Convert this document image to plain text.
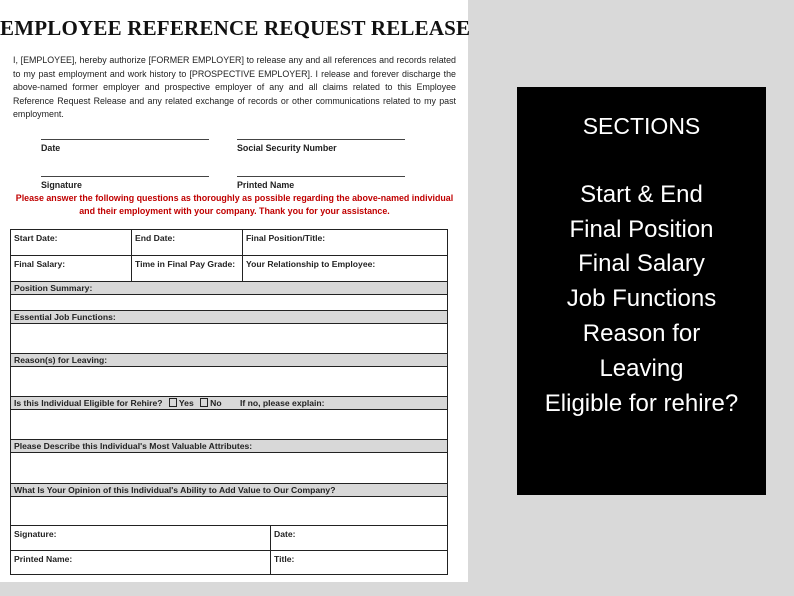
EMPLOYEE REFERENCE REQUEST RELEASE
I, [EMPLOYEE], hereby authorize [FORMER EMPLOYER] to release any and all references and records related to my past employment and work history to [PROSPECTIVE EMPLOYER]. I release and forever discharge the above-named former employer and prospective employer of any and all claims related to this Employee Reference Request Release and any related exchange of records or other communications related to my past employment.
Date	Social Security Number
Signature	Printed Name
Please answer the following questions as thoroughly as possible regarding the above-named individual and their employment with your company. Thank you for your assistance.
Start Date:	End Date:	Final Position/Title:
Final Salary:	Time in Final Pay Grade:	Your Relationship to Employee:
Position Summary:
Essential Job Functions:
Reason(s) for Leaving:
Is this Individual Eligible for Rehire? Yes No If no, please explain:
Please Describe this Individual's Most Valuable Attributes:
What Is Your Opinion of this Individual's Ability to Add Value to Our Company?
Signature:	Date:
Printed Name:	Title:
SECTIONS
Start & End
Final Position
Final Salary
Job Functions
Reason for
Leaving
Eligible for rehire?
